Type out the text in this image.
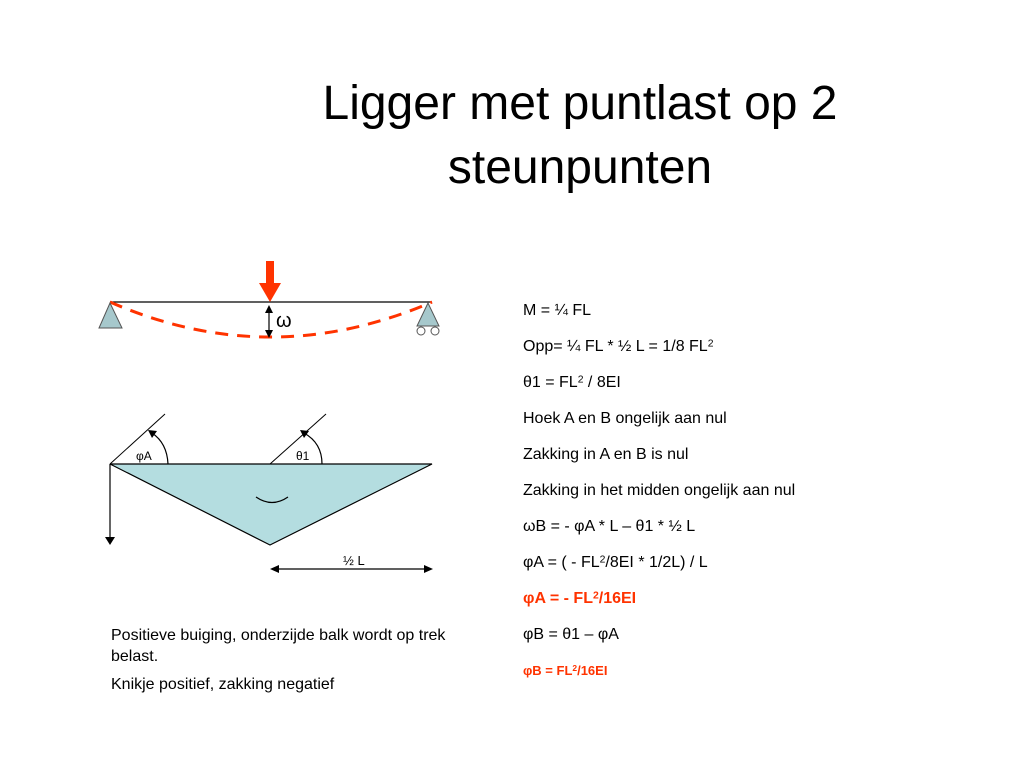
Ligger met puntlast op 2
steunpunten
ω
φA	θ1
½ L
M = ¼ FL
Opp= ¼ FL * ½ L = 1/8 $FL^2$
$\theta 1 = FL^2 / 8EI$
Hoek A en B ongelijk aan nul
Zakking in A en B is nul
Zakking in het midden ongelijk aan nul
ωB = - φA * L – θ1 * ½ L
φA = ( - $FL^2/8EI * 1/2L$) / L
φA = - $FL^2/16EI$
φB = θ1 – φA
$\varphi B = FL^2/16EI$

Positieve buiging, onderzijde balk wordt op trek belast.

Knikje positief, zakking negatief
